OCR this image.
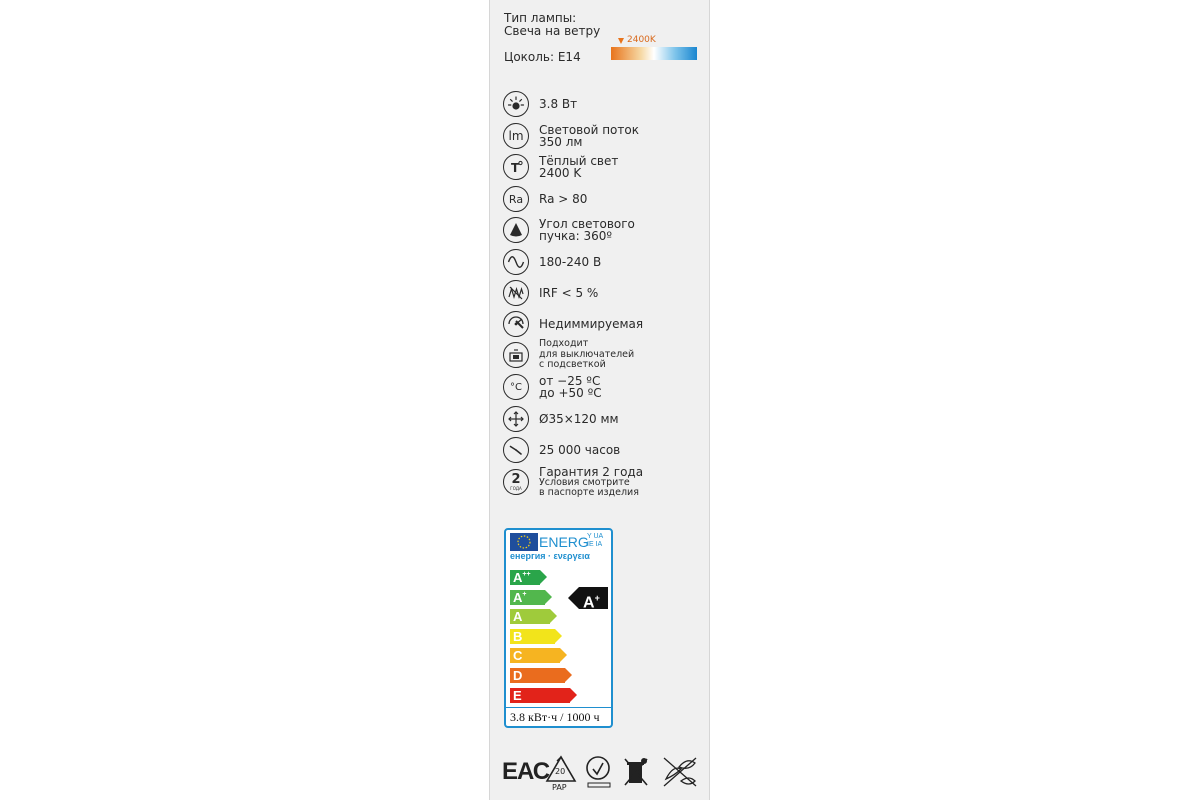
Тип лампы:
Свеча на ветру
Цоколь: E14
2400K
3.8 Вт
lm Световой поток
350 лм
T Тёплый свет
2400 K
Ra Ra > 80
Угол светового
пучка: 360º
180-240 В
IRF < 5 %
Недиммируемая
Подходит
для выключателей
с подсветкой
°C от −25 ºC
до +50 ºC
Ø35×120 мм
25 000 часов
2
ГОДА
Гарантия 2 года
Условия смотрите
в паспорте изделия
ENERG
Y UA
IE IA
енергия · ενεργεια
A++
A+
A
B
C
D
E
A+
3.8 кВт·ч / 1000 ч
ЕАС 20
PAP
